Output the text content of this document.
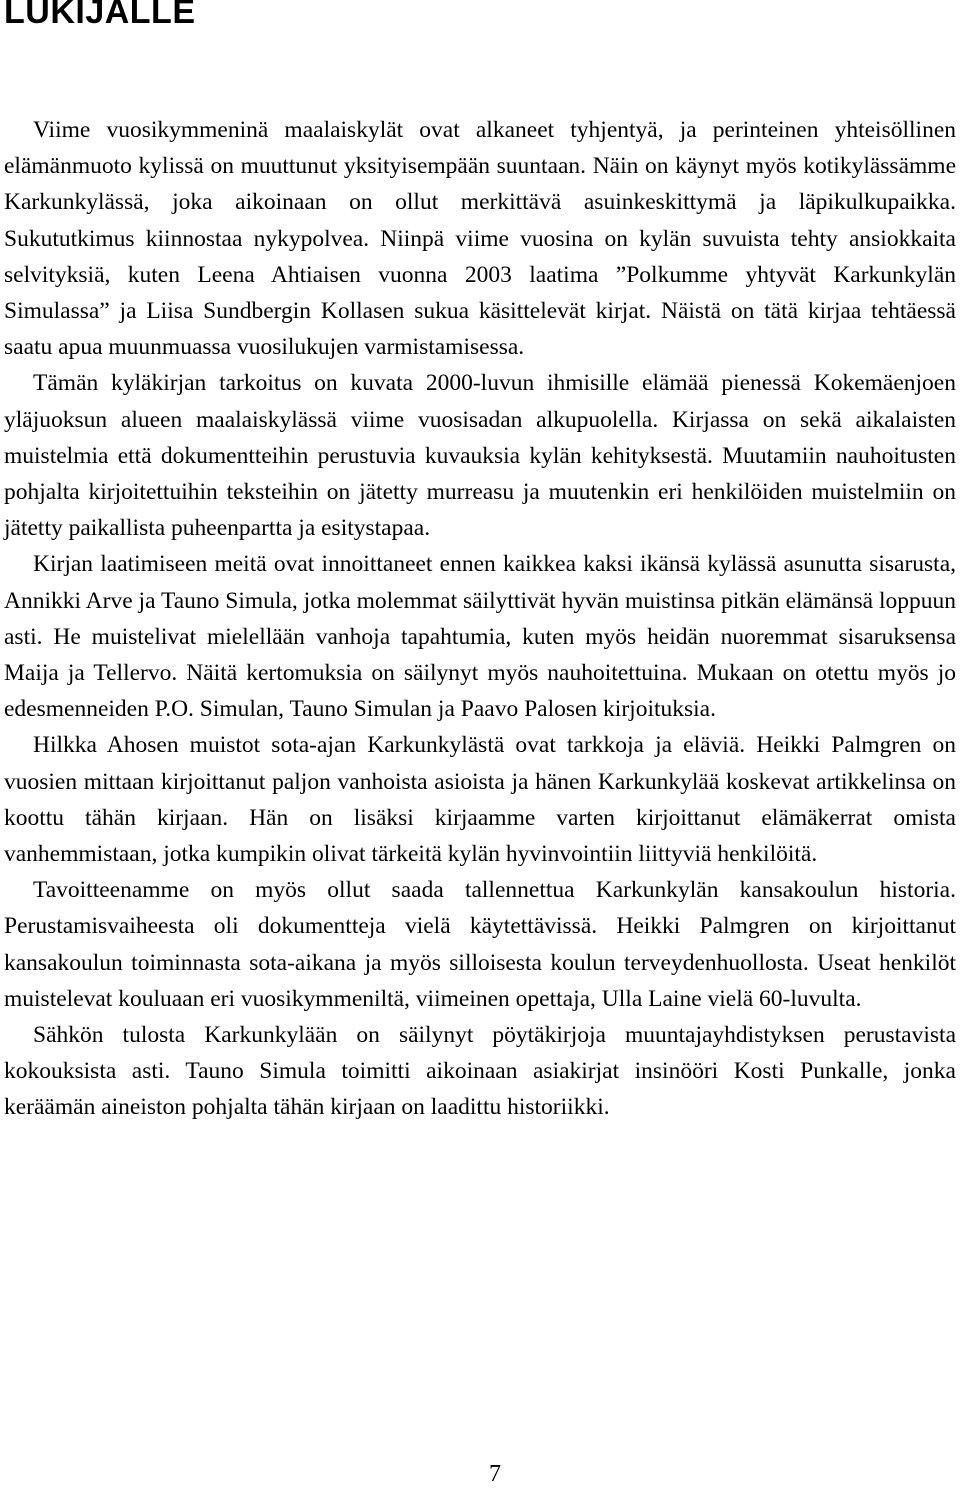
LUKIJALLE

Viime vuosikymmeninä maalaiskylät ovat alkaneet tyhjentyä, ja perinteinen yhteisöllinen elämänmuoto kylissä on muuttunut yksityisempään suuntaan. Näin on käynyt myös kotikylässämme Karkunkylässä, joka aikoinaan on ollut merkittävä asuinkeskittymä ja läpikulkupaikka. Sukututkimus kiinnostaa nykypolvea. Niinpä viime vuosina on kylän suvuista tehty ansiokkaita selvityksiä, kuten Leena Ahtiaisen vuonna 2003 laatima ”Polkumme yhtyvät Karkunkylän Simulassa” ja Liisa Sundbergin Kollasen sukua käsittelevät kirjat. Näistä on tätä kirjaa tehtäessä saatu apua muunmuassa vuosilukujen varmistamisessa.

Tämän kyläkirjan tarkoitus on kuvata 2000-luvun ihmisille elämää pienessä Kokemäenjoen yläjuoksun alueen maalaiskylässä viime vuosisadan alkupuolella. Kirjassa on sekä aikalaisten muistelmia että dokumentteihin perustuvia kuvauksia kylän kehityksestä. Muutamiin nauhoitusten pohjalta kirjoitettuihin teksteihin on jätetty murreasu ja muutenkin eri henkilöiden muistelmiin on jätetty paikallista puheenpartta ja esitystapaa.

Kirjan laatimiseen meitä ovat innoittaneet ennen kaikkea kaksi ikänsä kylässä asunutta sisarusta, Annikki Arve ja Tauno Simula, jotka molemmat säilyttivät hyvän muistinsa pitkän elämänsä loppuun asti. He muistelivat mielellään vanhoja tapahtumia, kuten myös heidän nuoremmat sisaruksensa Maija ja Tellervo. Näitä kertomuksia on säilynyt myös nauhoitettuina. Mukaan on otettu myös jo edesmenneiden P.O. Simulan, Tauno Simulan ja Paavo Palosen kirjoituksia.

Hilkka Ahosen muistot sota-ajan Karkunkylästä ovat tarkkoja ja eläviä. Heikki Palmgren on vuosien mittaan kirjoittanut paljon vanhoista asioista ja hänen Karkunkylää koskevat artikkelinsa on koottu tähän kirjaan. Hän on lisäksi kirjaamme varten kirjoittanut elämäkerrat omista vanhemmistaan, jotka kumpikin olivat tärkeitä kylän hyvinvointiin liittyviä henkilöitä.

Tavoitteenamme on myös ollut saada tallennettua Karkunkylän kansakoulun historia. Perustamisvaiheesta oli dokumentteja vielä käytettävissä. Heikki Palmgren on kirjoittanut kansakoulun toiminnasta sota-aikana ja myös silloisesta koulun terveydenhuollosta. Useat henkilöt muistelevat kouluaan eri vuosikymmeniltä, viimeinen opettaja, Ulla Laine vielä 60-luvulta.

Sähkön tulosta Karkunkylään on säilynyt pöytäkirjoja muuntajayhdistyksen perustavista kokouksista asti. Tauno Simula toimitti aikoinaan asiakirjat insinööri Kosti Punkalle, jonka keräämän aineiston pohjalta tähän kirjaan on laadittu historiikki.

7
